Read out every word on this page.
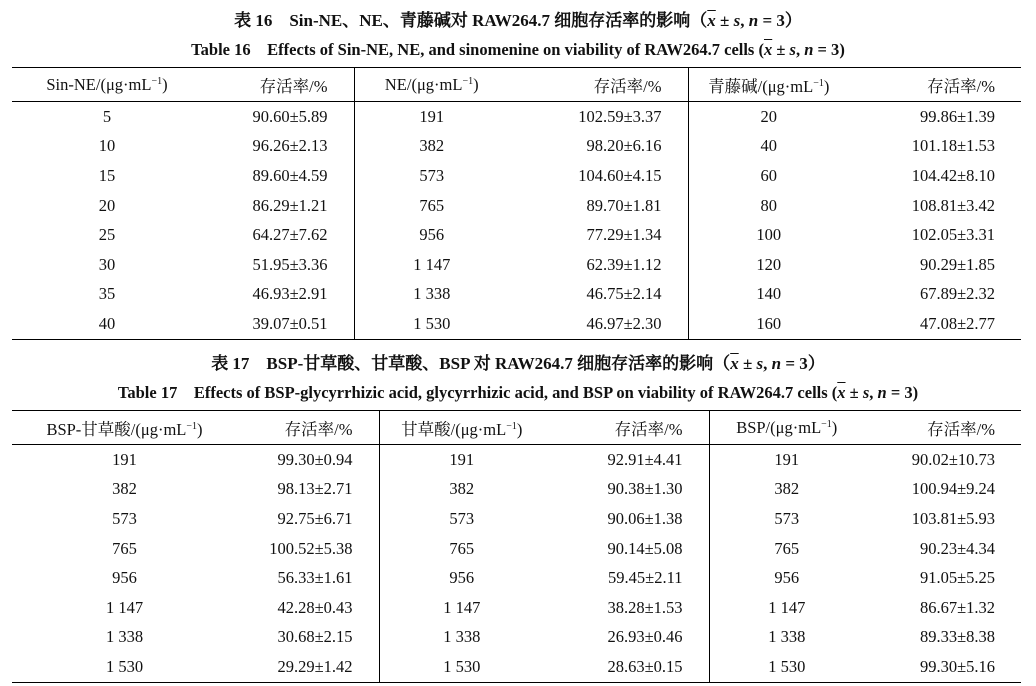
表 16　Sin-NE、NE、青藤碱对 RAW264.7 细胞存活率的影响（$\overline{x} \pm s$, n = 3）
Table 16　Effects of Sin-NE, NE, and sinomenine on viability of RAW264.7 cells ($\overline{x} \pm s$, n = 3)
Sin-$NE/(\mu g\cdot mL^{-1})$	存活率/%	$NE/(\mu g\cdot mL^{-1})$	存活率/%	青藤碱$/(\mu g\cdot mL^{-1})$	存活率/%
5	90.60±5.89	191	102.59±3.37	20	99.86±1.39
10	96.26±2.13	382	98.20±6.16	40	101.18±1.53
15	89.60±4.59	573	104.60±4.15	60	104.42±8.10
20	86.29±1.21	765	89.70±1.81	80	108.81±3.42
25	64.27±7.62	956	77.29±1.34	100	102.05±3.31
30	51.95±3.36	1 147	62.39±1.12	120	90.29±1.85
35	46.93±2.91	1 338	46.75±2.14	140	67.89±2.32
40	39.07±0.51	1 530	46.97±2.30	160	47.08±2.77
表 17　BSP-甘草酸、甘草酸、BSP 对 RAW264.7 细胞存活率的影响（$\overline{x} \pm s$, n = 3）
Table 17　Effects of BSP-glycyrrhizic acid, glycyrrhizic acid, and BSP on viability of RAW264.7 cells ($\overline{x} \pm s$, n = 3)
BSP-甘草酸$/(\mu g\cdot mL^{-1})$	存活率/%	甘草酸$/(\mu g\cdot mL^{-1})$	存活率/%	BSP/$(\mu g\cdot mL^{-1})$	存活率/%
191	99.30±0.94	191	92.91±4.41	191	90.02±10.73
382	98.13±2.71	382	90.38±1.30	382	100.94±9.24
573	92.75±6.71	573	90.06±1.38	573	103.81±5.93
765	100.52±5.38	765	90.14±5.08	765	90.23±4.34
956	56.33±1.61	956	59.45±2.11	956	91.05±5.25
1 147	42.28±0.43	1 147	38.28±1.53	1 147	86.67±1.32
1 338	30.68±2.15	1 338	26.93±0.46	1 338	89.33±8.38
1 530	29.29±1.42	1 530	28.63±0.15	1 530	99.30±5.16
